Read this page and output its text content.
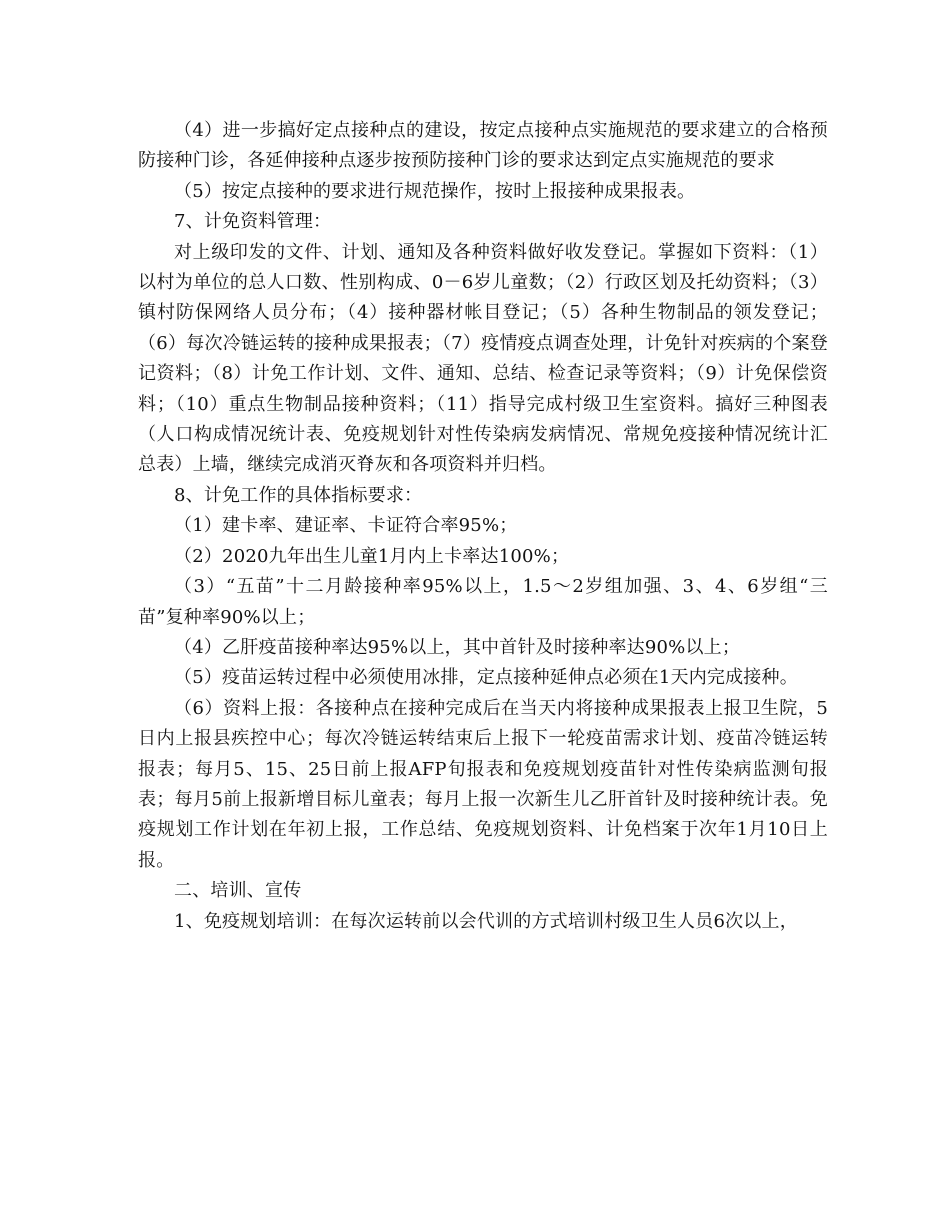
（4）进一步搞好定点接种点的建设，按定点接种点实施规范的要求建立的合格预防接种门诊，各延伸接种点逐步按预防接种门诊的要求达到定点实施规范的要求

（5）按定点接种的要求进行规范操作，按时上报接种成果报表。

7、计免资料管理：

对上级印发的文件、计划、通知及各种资料做好收发登记。掌握如下资料：（1）以村为单位的总人口数、性别构成、0－6岁儿童数；（2）行政区划及托幼资料；（3）镇村防保网络人员分布；（4）接种器材帐目登记；（5）各种生物制品的领发登记；（6）每次冷链运转的接种成果报表；（7）疫情疫点调查处理，计免针对疾病的个案登记资料；（8）计免工作计划、文件、通知、总结、检查记录等资料；（9）计免保偿资料；（10）重点生物制品接种资料；（11）指导完成村级卫生室资料。搞好三种图表（人口构成情况统计表、免疫规划针对性传染病发病情况、常规免疫接种情况统计汇总表）上墙，继续完成消灭脊灰和各项资料并归档。

8、计免工作的具体指标要求：

（1）建卡率、建证率、卡证符合率95%；

（2）2020九年出生儿童1月内上卡率达100%；

（3）“五苗”十二月龄接种率95%以上，1.5～2岁组加强、3、4、6岁组“三苗”复种率90%以上；

（4）乙肝疫苗接种率达95%以上，其中首针及时接种率达90%以上；

（5）疫苗运转过程中必须使用冰排，定点接种延伸点必须在1天内完成接种。

（6）资料上报：各接种点在接种完成后在当天内将接种成果报表上报卫生院，5日内上报县疾控中心；每次冷链运转结束后上报下一轮疫苗需求计划、疫苗冷链运转报表；每月5、15、25日前上报AFP旬报表和免疫规划疫苗针对性传染病监测旬报表；每月5前上报新增目标儿童表；每月上报一次新生儿乙肝首针及时接种统计表。免疫规划工作计划在年初上报，工作总结、免疫规划资料、计免档案于次年1月10日上报。

二、培训、宣传

1、免疫规划培训：在每次运转前以会代训的方式培训村级卫生人员6次以上，
